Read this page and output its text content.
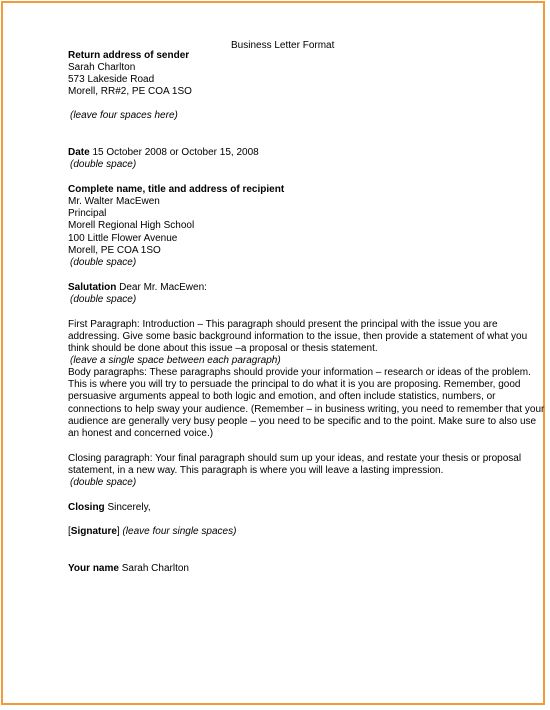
Business Letter Format
Return address of sender
Sarah Charlton
573 Lakeside Road
Morell, RR#2, PE COA 1SO
(leave four spaces here)
Date 15 October 2008 or October 15, 2008
(double space)
Complete name, title and address of recipient
Mr. Walter MacEwen
Principal
Morell Regional High School
100 Little Flower Avenue
Morell, PE COA 1SO
(double space)
Salutation Dear Mr. MacEwen:
(double space)
First Paragraph: Introduction – This paragraph should present the principal with the issue you are
addressing. Give some basic background information to the issue, then provide a statement of what you
think should be done about this issue –a proposal or thesis statement.
(leave a single space between each paragraph)
Body paragraphs: These paragraphs should provide your information – research or ideas of the problem.
This is where you will try to persuade the principal to do what it is you are proposing. Remember, good
persuasive arguments appeal to both logic and emotion, and often include statistics, numbers, or
connections to help sway your audience. (Remember – in business writing, you need to remember that your
audience are generally very busy people – you need to be specific and to the point. Make sure to also use
an honest and concerned voice.)
Closing paragraph: Your final paragraph should sum up your ideas, and restate your thesis or proposal
statement, in a new way. This paragraph is where you will leave a lasting impression.
(double space)
Closing Sincerely,
[Signature] (leave four single spaces)
Your name Sarah Charlton
